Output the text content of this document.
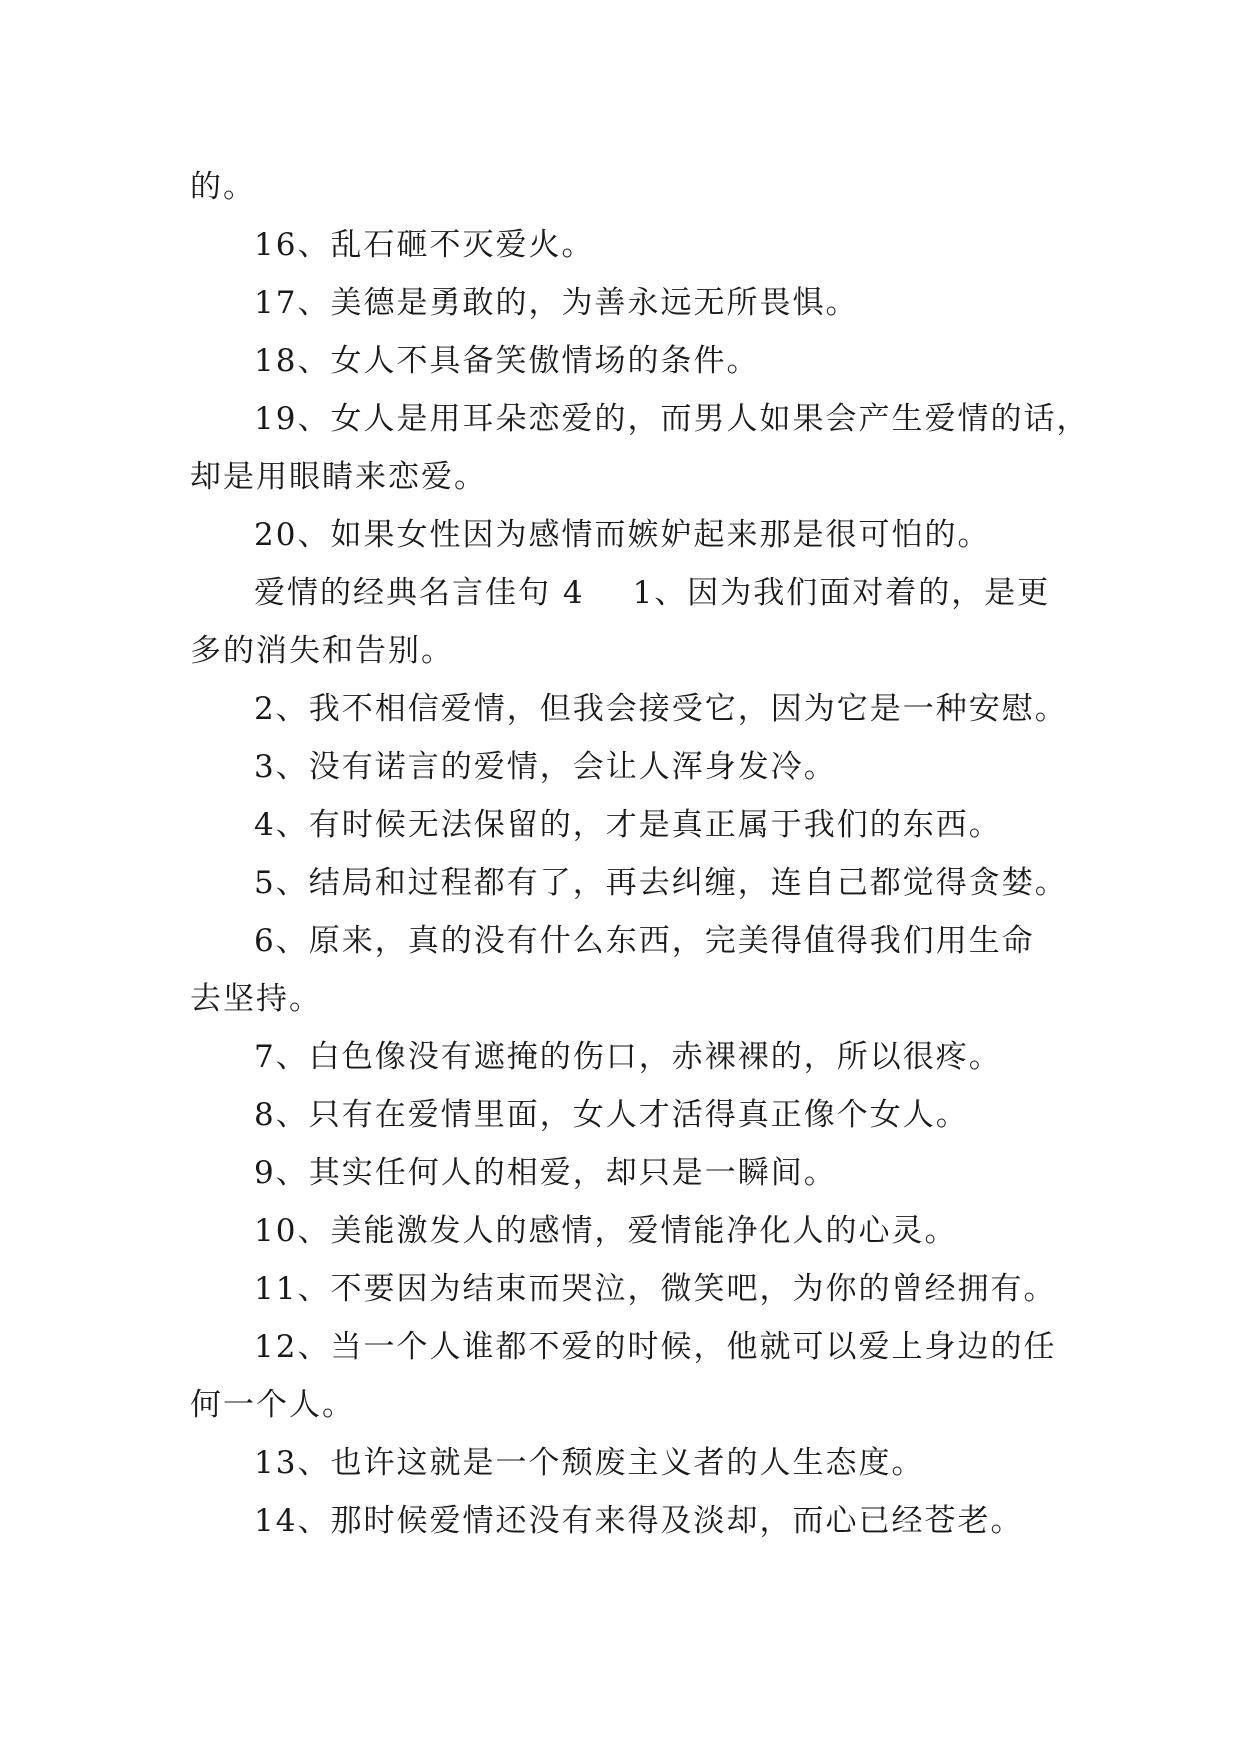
的。
16、乱石砸不灭爱火。
17、美德是勇敢的，为善永远无所畏惧。
18、女人不具备笑傲情场的条件。
19、女人是用耳朵恋爱的，而男人如果会产生爱情的话，
却是用眼睛来恋爱。
20、如果女性因为感情而嫉妒起来那是很可怕的。
爱情的经典名言佳句 4 1、因为我们面对着的，是更
多的消失和告别。
2、我不相信爱情，但我会接受它，因为它是一种安慰。
3、没有诺言的爱情，会让人浑身发冷。
4、有时候无法保留的，才是真正属于我们的东西。
5、结局和过程都有了，再去纠缠，连自己都觉得贪婪。
6、原来，真的没有什么东西，完美得值得我们用生命
去坚持。
7、白色像没有遮掩的伤口，赤裸裸的，所以很疼。
8、只有在爱情里面，女人才活得真正像个女人。
9、其实任何人的相爱，却只是一瞬间。
10、美能激发人的感情，爱情能净化人的心灵。
11、不要因为结束而哭泣，微笑吧，为你的曾经拥有。
12、当一个人谁都不爱的时候，他就可以爱上身边的任
何一个人。
13、也许这就是一个颓废主义者的人生态度。
14、那时候爱情还没有来得及淡却，而心已经苍老。
